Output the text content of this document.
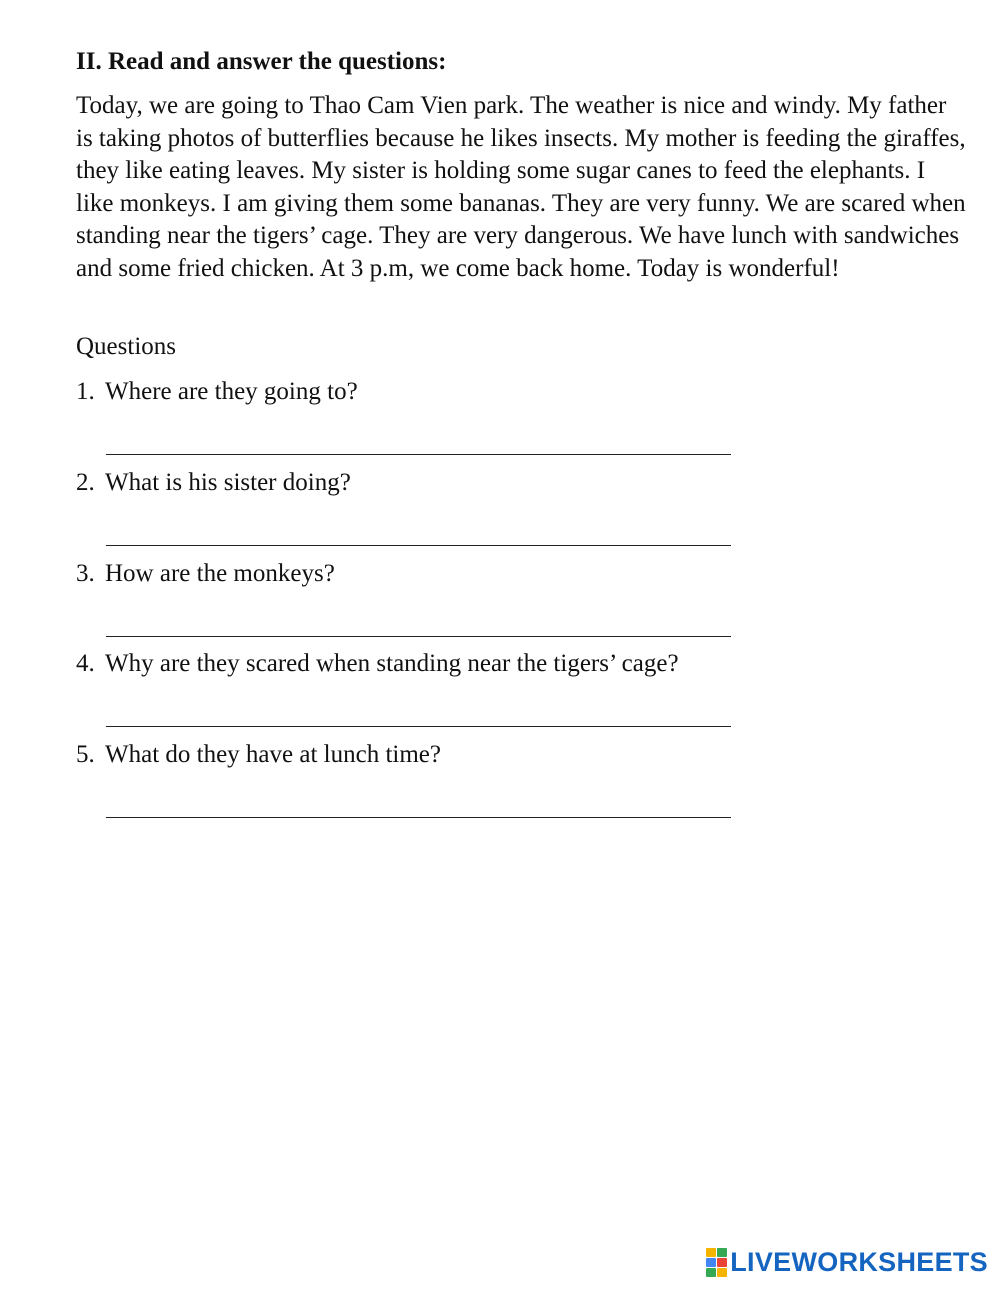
II. Read and answer the questions:

Today, we are going to Thao Cam Vien park. The weather is nice and windy. My father is taking photos of butterflies because he likes insects. My mother is feeding the giraffes, they like eating leaves. My sister is holding some sugar canes to feed the elephants. I like monkeys. I am giving them some bananas. They are very funny. We are scared when standing near the tigers’ cage. They are very dangerous. We have lunch with sandwiches and some fried chicken. At 3 p.m, we come back home. Today is wonderful!

Questions

1. Where are they going to?

2. What is his sister doing?

3. How are the monkeys?

4. Why are they scared when standing near the tigers’ cage?

5. What do they have at lunch time?

LIVEWORKSHEETS
